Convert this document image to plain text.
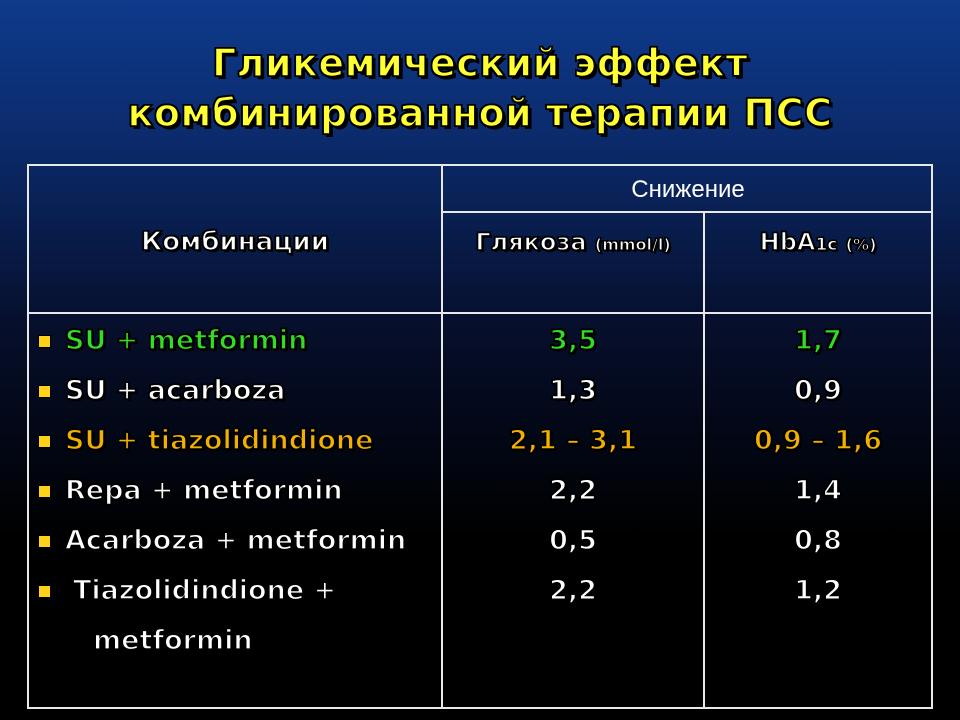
Гликемический эффект
комбинированной терапии ПСС
Комбинации
Снижение
Глякоза (mmol/l)	HbA1c (%)
SU + metformin
SU + acarboza
SU + tiazolidindione
Repa + metformin
Acarboza + metformin
Tiazolidindione +
metformin
3,5
1,3
2,1 – 3,1
2,2
0,5
2,2
1,7
0,9
0,9 – 1,6
1,4
0,8
1,2
